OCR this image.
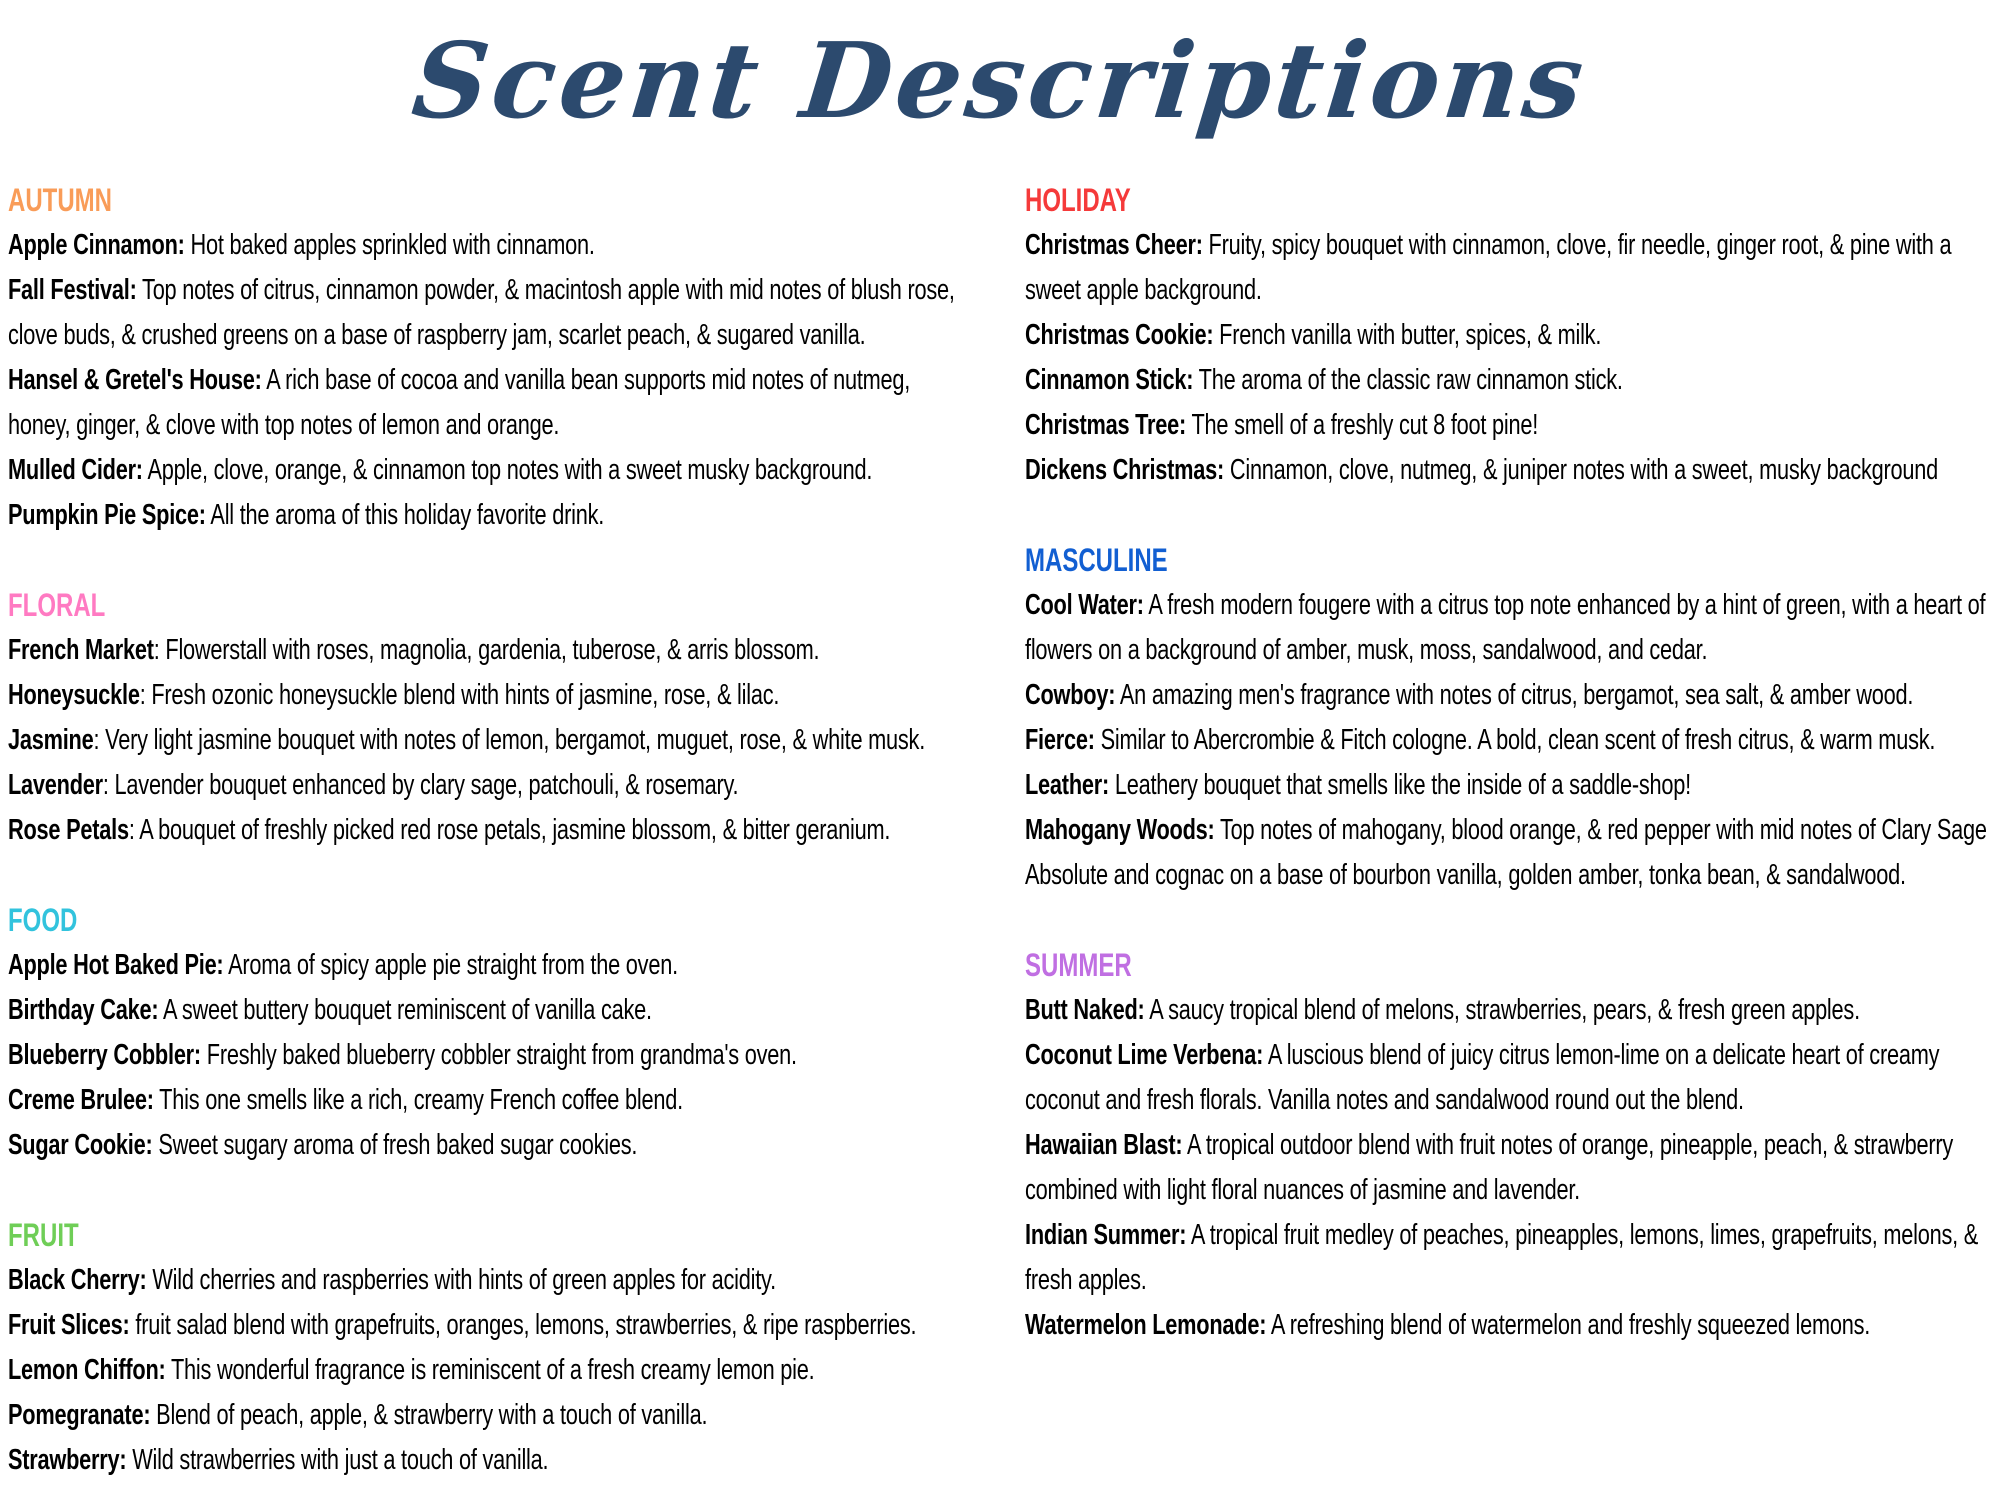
Scent Descriptions
AUTUMN

Apple Cinnamon: Hot baked apples sprinkled with cinnamon.

Fall Festival: Top notes of citrus, cinnamon powder, & macintosh apple with mid notes of blush rose, clove buds, & crushed greens on a base of raspberry jam, scarlet peach, & sugared vanilla.

Hansel & Gretel's House: A rich base of cocoa and vanilla bean supports mid notes of nutmeg, honey, ginger, & clove with top notes of lemon and orange.

Mulled Cider: Apple, clove, orange, & cinnamon top notes with a sweet musky background.

Pumpkin Pie Spice: All the aroma of this holiday favorite drink.

FLORAL

French Market: Flowerstall with roses, magnolia, gardenia, tuberose, & arris blossom.

Honeysuckle: Fresh ozonic honeysuckle blend with hints of jasmine, rose, & lilac.

Jasmine: Very light jasmine bouquet with notes of lemon, bergamot, muguet, rose, & white musk.

Lavender: Lavender bouquet enhanced by clary sage, patchouli, & rosemary.

Rose Petals: A bouquet of freshly picked red rose petals, jasmine blossom, & bitter geranium.

FOOD

Apple Hot Baked Pie: Aroma of spicy apple pie straight from the oven.

Birthday Cake: A sweet buttery bouquet reminiscent of vanilla cake.

Blueberry Cobbler: Freshly baked blueberry cobbler straight from grandma's oven.

Creme Brulee: This one smells like a rich, creamy French coffee blend.

Sugar Cookie: Sweet sugary aroma of fresh baked sugar cookies.

FRUIT

Black Cherry: Wild cherries and raspberries with hints of green apples for acidity.

Fruit Slices: fruit salad blend with grapefruits, oranges, lemons, strawberries, & ripe raspberries.

Lemon Chiffon: This wonderful fragrance is reminiscent of a fresh creamy lemon pie.

Pomegranate: Blend of peach, apple, & strawberry with a touch of vanilla.

Strawberry: Wild strawberries with just a touch of vanilla.

HOLIDAY

Christmas Cheer: Fruity, spicy bouquet with cinnamon, clove, fir needle, ginger root, & pine with a sweet apple background.

Christmas Cookie: French vanilla with butter, spices, & milk.

Cinnamon Stick: The aroma of the classic raw cinnamon stick.

Christmas Tree: The smell of a freshly cut 8 foot pine!

Dickens Christmas: Cinnamon, clove, nutmeg, & juniper notes with a sweet, musky background

MASCULINE

Cool Water: A fresh modern fougere with a citrus top note enhanced by a hint of green, with a heart of flowers on a background of amber, musk, moss, sandalwood, and cedar.

Cowboy: An amazing men's fragrance with notes of citrus, bergamot, sea salt, & amber wood.

Fierce: Similar to Abercrombie & Fitch cologne. A bold, clean scent of fresh citrus, & warm musk.

Leather: Leathery bouquet that smells like the inside of a saddle-shop!

Mahogany Woods: Top notes of mahogany, blood orange, & red pepper with mid notes of Clary Sage Absolute and cognac on a base of bourbon vanilla, golden amber, tonka bean, & sandalwood.

SUMMER

Butt Naked: A saucy tropical blend of melons, strawberries, pears, & fresh green apples.

Coconut Lime Verbena: A luscious blend of juicy citrus lemon-lime on a delicate heart of creamy coconut and fresh florals. Vanilla notes and sandalwood round out the blend.

Hawaiian Blast: A tropical outdoor blend with fruit notes of orange, pineapple, peach, & strawberry combined with light floral nuances of jasmine and lavender.

Indian Summer: A tropical fruit medley of peaches, pineapples, lemons, limes, grapefruits, melons, & fresh apples.

Watermelon Lemonade: A refreshing blend of watermelon and freshly squeezed lemons.
